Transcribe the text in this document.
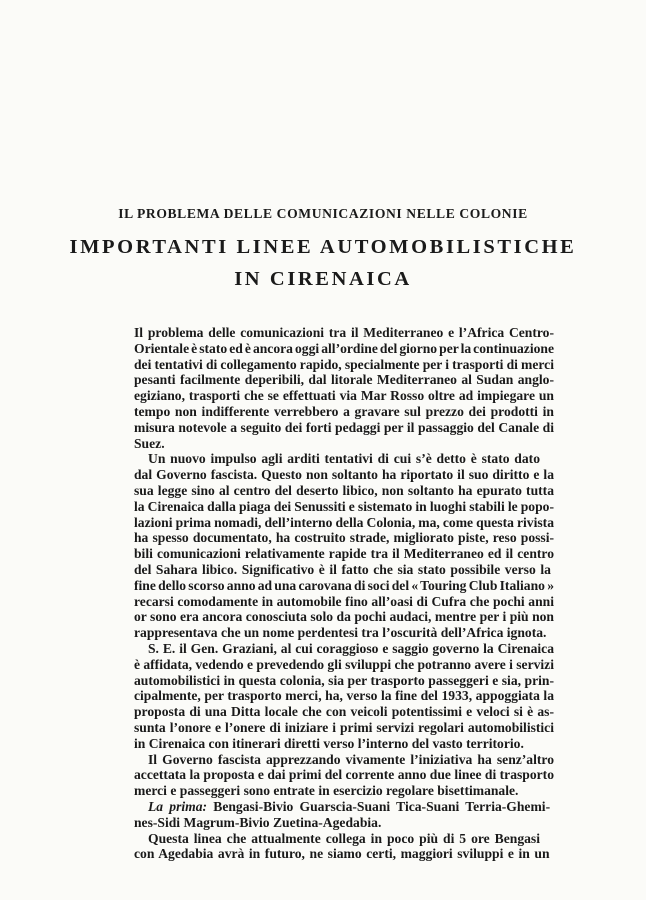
IL PROBLEMA DELLE COMUNICAZIONI NELLE COLONIE
IMPORTANTI LINEE AUTOMOBILISTICHE
IN CIRENAICA

Il problema delle comunicazioni tra il Mediterraneo e l’Africa Centro-
Orientale è stato ed è ancora oggi all’ordine del giorno per la continuazione
dei tentativi di collegamento rapido, specialmente per i trasporti di merci
pesanti facilmente deperibili, dal litorale Mediterraneo al Sudan anglo-
egiziano, trasporti che se effettuati via Mar Rosso oltre ad impiegare un
tempo non indifferente verrebbero a gravare sul prezzo dei prodotti in
misura notevole a seguito dei forti pedaggi per il passaggio del Canale di
Suez.

Un nuovo impulso agli arditi tentativi di cui s’è detto è stato dato
dal Governo fascista. Questo non soltanto ha riportato il suo diritto e la
sua legge sino al centro del deserto libico, non soltanto ha epurato tutta
la Cirenaica dalla piaga dei Senussiti e sistemato in luoghi stabili le popo-
lazioni prima nomadi, dell’interno della Colonia, ma, come questa rivista
ha spesso documentato, ha costruito strade, migliorato piste, reso possi-
bili comunicazioni relativamente rapide tra il Mediterraneo ed il centro
del Sahara libico. Significativo è il fatto che sia stato possibile verso la
fine dello scorso anno ad una carovana di soci del « Touring Club Italiano »
recarsi comodamente in automobile fino all’oasi di Cufra che pochi anni
or sono era ancora conosciuta solo da pochi audaci, mentre per i più non
rappresentava che un nome perdentesi tra l’oscurità dell’Africa ignota.

S. E. il Gen. Graziani, al cui coraggioso e saggio governo la Cirenaica
è affidata, vedendo e prevedendo gli sviluppi che potranno avere i servizi
automobilistici in questa colonia, sia per trasporto passeggeri e sia, prin-
cipalmente, per trasporto merci, ha, verso la fine del 1933, appoggiata la
proposta di una Ditta locale che con veicoli potentissimi e veloci si è as-
sunta l’onore e l’onere di iniziare i primi servizi regolari automobilistici
in Cirenaica con itinerari diretti verso l’interno del vasto territorio.

Il Governo fascista apprezzando vivamente l’iniziativa ha senz’altro
accettata la proposta e dai primi del corrente anno due linee di trasporto
merci e passeggeri sono entrate in esercizio regolare bisettimanale.

La prima: Bengasi-Bivio Guarscia-Suani Tica-Suani Terria-Ghemi-
nes-Sidi Magrum-Bivio Zuetina-Agedabia.

Questa linea che attualmente collega in poco più di 5 ore Bengasi
con Agedabia avrà in futuro, ne siamo certi, maggiori sviluppi e in un
